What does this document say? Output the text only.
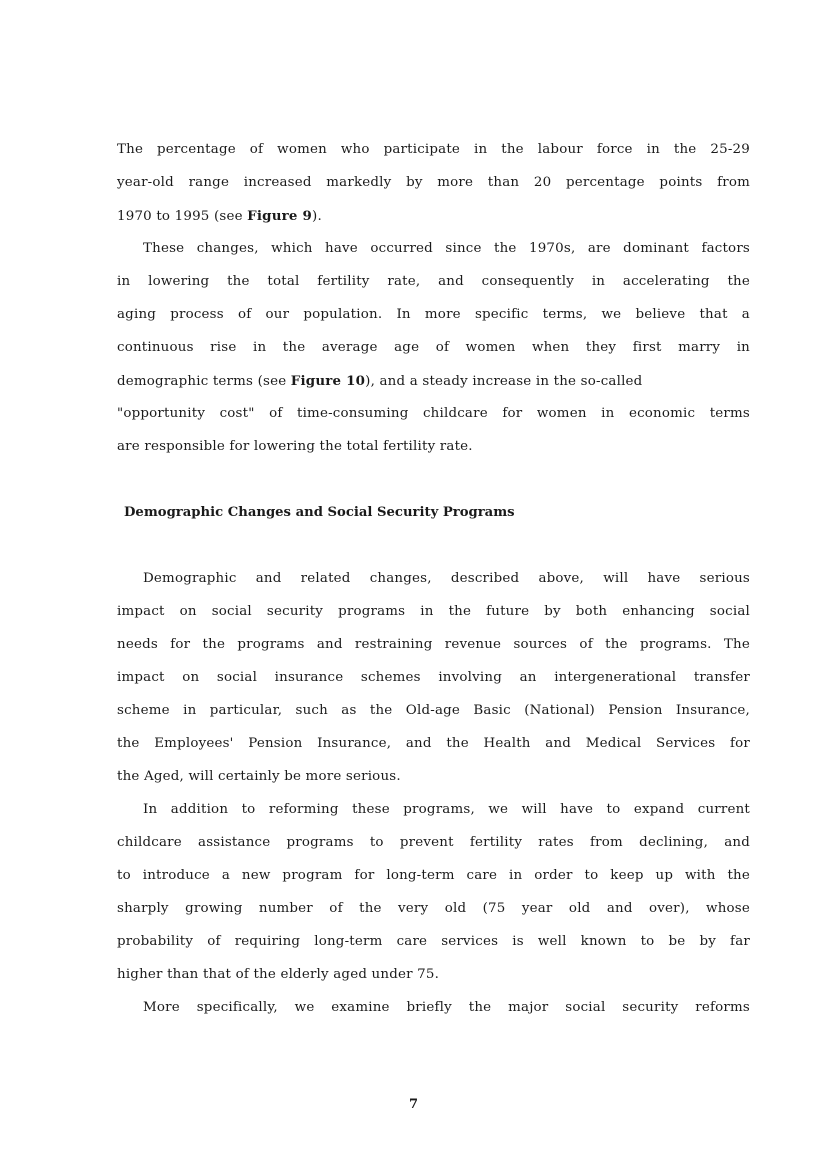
The percentage of women who participate in the labour force in the 25-29
year-old range increased markedly by more than 20 percentage points from
1970 to 1995 (see Figure 9).
These changes, which have occurred since the 1970s, are dominant factors
in lowering the total fertility rate, and consequently in accelerating the
aging process of our population. In more specific terms, we believe that a
continuous rise in the average age of women when they first marry in
demographic terms (see Figure 10), and a steady increase in the so-called
"opportunity cost" of time-consuming childcare for women in economic terms
are responsible for lowering the total fertility rate.
Demographic Changes and Social Security Programs
Demographic and related changes, described above, will have serious
impact on social security programs in the future by both enhancing social
needs for the programs and restraining revenue sources of the programs. The
impact on social insurance schemes involving an intergenerational transfer
scheme in particular, such as the Old-age Basic (National) Pension Insurance,
the Employees' Pension Insurance, and the Health and Medical Services for
the Aged, will certainly be more serious.
In addition to reforming these programs, we will have to expand current
childcare assistance programs to prevent fertility rates from declining, and
to introduce a new program for long-term care in order to keep up with the
sharply growing number of the very old (75 year old and over), whose
probability of requiring long-term care services is well known to be by far
higher than that of the elderly aged under 75.
More specifically, we examine briefly the major social security reforms
7
